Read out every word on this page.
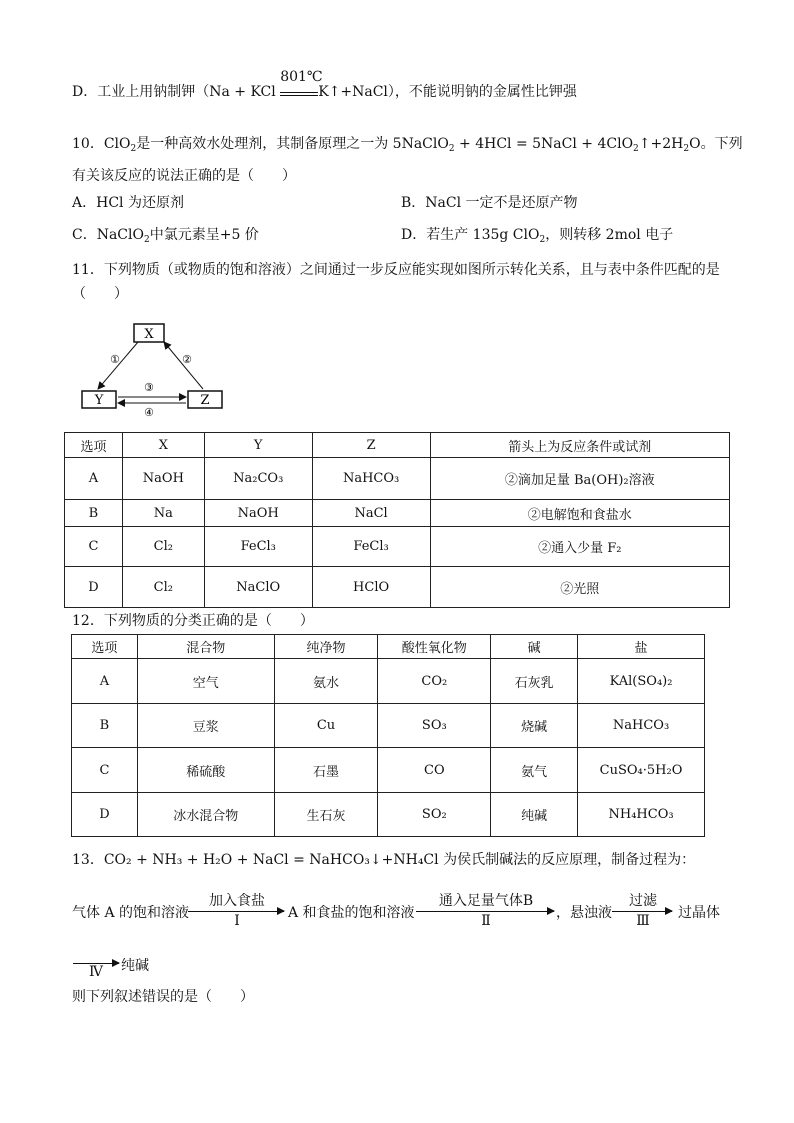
D．工业上用钠制钾（Na + KCl
801℃
K↑+NaCl），不能说明钠的金属性比钾强
10．ClO$_2$是一种高效水处理剂，其制备原理之一为 5NaClO$_2$ + 4HCl = 5NaCl + $4ClO_2↑+2H_2O$。下列
有关该反应的说法正确的是（　　）
A．HCl 为还原剂	B．NaCl 一定不是还原产物
C．NaClO$_2$中氯元素呈+5 价	D．若生产 135g ClO$_2$，则转移 2mol 电子
11．下列物质（或物质的饱和溶液）之间通过一步反应能实现如图所示转化关系，且与表中条件匹配的是
（　　）
X
Y	Z
①	②
③
④
选项	X	Y	Z	箭头上为反应条件或试剂
A	NaOH	Na₂CO₃	NaHCO₃	②滴加足量 Ba(OH)₂溶液
B	Na	NaOH	NaCl	②电解饱和食盐水
C	Cl₂	FeCl₃	FeCl₃	②通入少量 F₂
D	Cl₂	NaClO	HClO	②光照
12．下列物质的分类正确的是（　　）
选项	混合物	纯净物	酸性氧化物	碱	盐
A	空气	氨水	CO₂	石灰乳	KAl(SO₄)₂
B	豆浆	Cu	SO₃	烧碱	NaHCO₃
C	稀硫酸	石墨	CO	氨气	CuSO₄·5H₂O
D	冰水混合物	生石灰	SO₂	纯碱	NH₄HCO₃
13．CO₂ + NH₃ + H₂O + NaCl = NaHCO₃↓+NH₄Cl 为侯氏制碱法的反应原理，制备过程为：
气体 A 的饱和溶液
加入食盐
Ⅰ	A 和食盐的饱和溶液
通入足量气体B
Ⅱ	，悬浊液
过滤
Ⅲ	过晶体
Ⅳ	纯碱
则下列叙述错误的是（　　）
